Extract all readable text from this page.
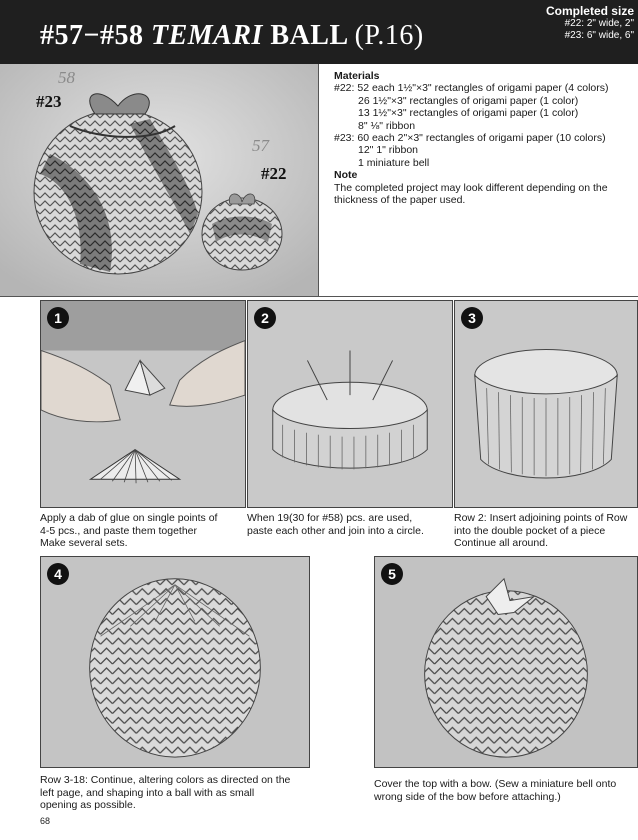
#57−#58 TEMARI BALL (P.16)
Completed size
#22: 2" wide, 2"
#23: 6" wide, 6"
58
#23
57
#22
Materials
#22: 52 each 1½"×3" rectangles of origami paper (4 colors)
26 1½"×3" rectangles of origami paper (1 color)
13 1½"×3" rectangles of origami paper (1 color)
8" ⅛" ribbon
#23: 60 each 2"×3" rectangles of origami paper (10 colors)
12" 1" ribbon
1 miniature bell
Note
The completed project may look different depending on the thickness of the paper used.
1	2	3
Apply a dab of glue on single points of
4-5 pcs., and paste them together
Make several sets.
When 19(30 for #58) pcs. are used,
paste each other and join into a circle.
Row 2: Insert adjoining points of Row
into the double pocket of a piece
Continue all around.
4	5
Row 3-18: Continue, altering colors as directed on the
left page, and shaping into a ball with as small
opening as possible.
Cover the top with a bow. (Sew a miniature bell onto
wrong side of the bow before attaching.)
68
